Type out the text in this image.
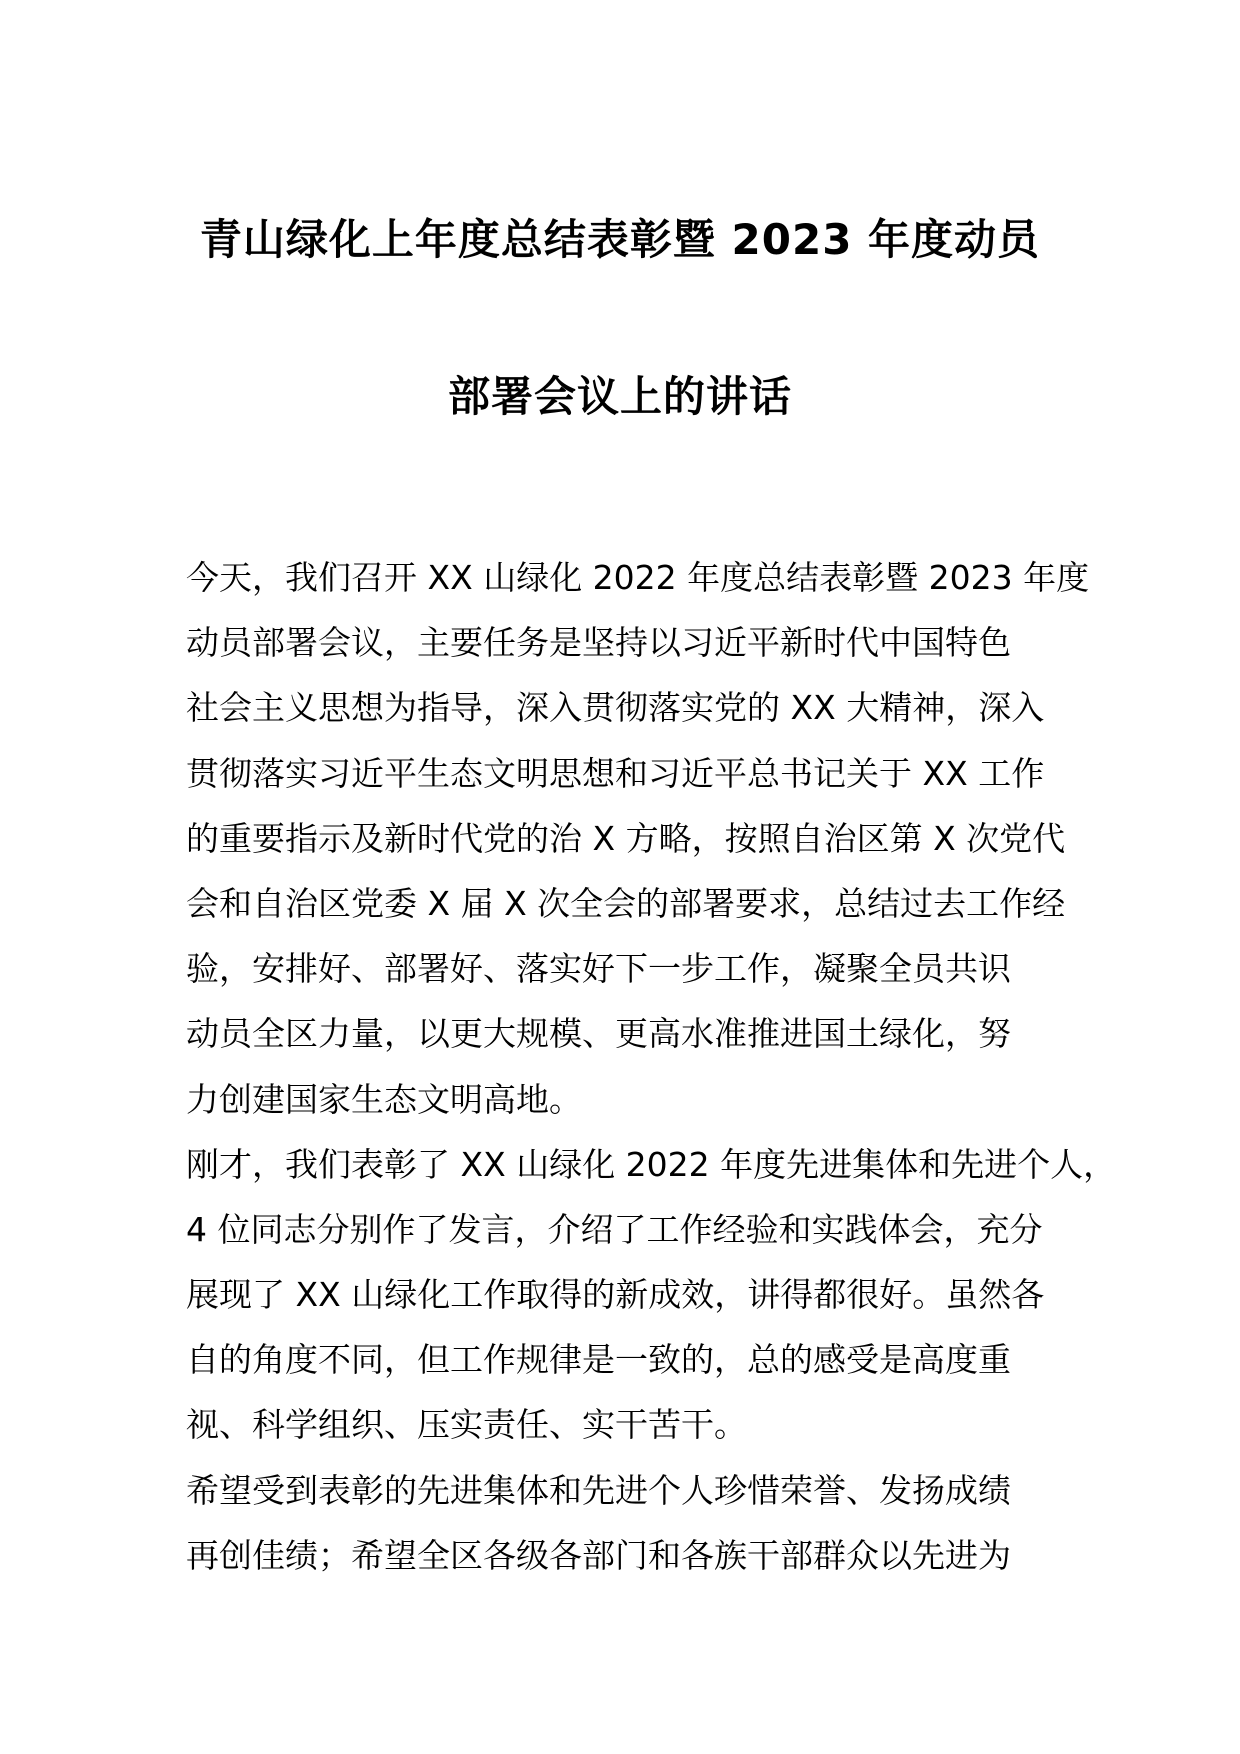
青山绿化上年度总结表彰暨 2023 年度动员
部署会议上的讲话
今天，我们召开 XX 山绿化 2022 年度总结表彰暨 2023 年度
动员部署会议，主要任务是坚持以习近平新时代中国特色
社会主义思想为指导，深入贯彻落实党的 XX 大精神，深入
贯彻落实习近平生态文明思想和习近平总书记关于 XX 工作
的重要指示及新时代党的治 X 方略，按照自治区第 X 次党代
会和自治区党委 X 届 X 次全会的部署要求，总结过去工作经
验，安排好、部署好、落实好下一步工作，凝聚全员共识
动员全区力量，以更大规模、更高水准推进国土绿化，努
力创建国家生态文明高地。
刚才，我们表彰了 XX 山绿化 2022 年度先进集体和先进个人，
4 位同志分别作了发言，介绍了工作经验和实践体会，充分
展现了 XX 山绿化工作取得的新成效，讲得都很好。虽然各
自的角度不同，但工作规律是一致的，总的感受是高度重
视、科学组织、压实责任、实干苦干。
希望受到表彰的先进集体和先进个人珍惜荣誉、发扬成绩
再创佳绩；希望全区各级各部门和各族干部群众以先进为
